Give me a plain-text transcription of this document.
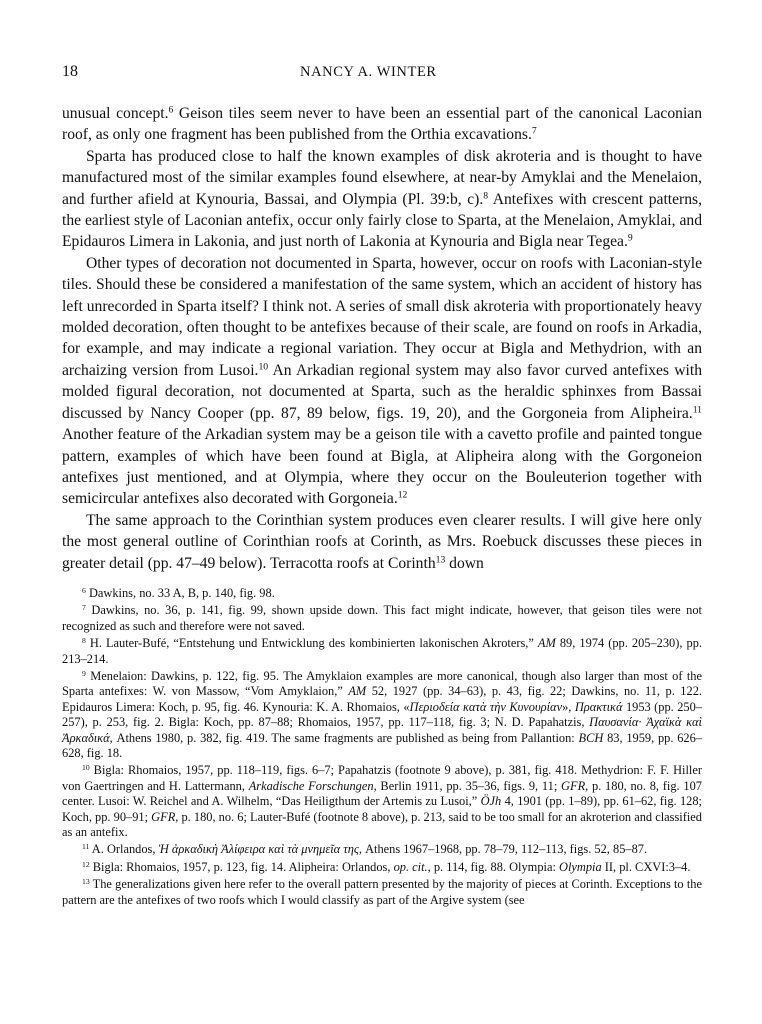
18	NANCY A. WINTER

unusual concept.$^6$ Geison tiles seem never to have been an essential part of the canonical Laconian roof, as only one fragment has been published from the Orthia excavations.$^7$

Sparta has produced close to half the known examples of disk akroteria and is thought to have manufactured most of the similar examples found elsewhere, at near-by Amyklai and the Menelaion, and further afield at Kynouria, Bassai, and Olympia (Pl. 39:b, c).$^8$ Antefixes with crescent patterns, the earliest style of Laconian antefix, occur only fairly close to Sparta, at the Menelaion, Amyklai, and Epidauros Limera in Lakonia, and just north of Lakonia at Kynouria and Bigla near Tegea.$^9$

Other types of decoration not documented in Sparta, however, occur on roofs with Laconian-style tiles. Should these be considered a manifestation of the same system, which an accident of history has left unrecorded in Sparta itself? I think not. A series of small disk akroteria with proportionately heavy molded decoration, often thought to be antefixes because of their scale, are found on roofs in Arkadia, for example, and may indicate a regional variation. They occur at Bigla and Methydrion, with an archaizing version from Lusoi.$^{10}$ An Arkadian regional system may also favor curved antefixes with molded figural decoration, not documented at Sparta, such as the heraldic sphinxes from Bassai discussed by Nancy Cooper (pp. 87, 89 below, figs. 19, 20), and the Gorgoneia from Alipheira.$^{11}$ Another feature of the Arkadian system may be a geison tile with a cavetto profile and painted tongue pattern, examples of which have been found at Bigla, at Alipheira along with the Gorgoneion antefixes just mentioned, and at Olympia, where they occur on the Bouleuterion together with semicircular antefixes also decorated with Gorgoneia.$^{12}$

The same approach to the Corinthian system produces even clearer results. I will give here only the most general outline of Corinthian roofs at Corinth, as Mrs. Roebuck discusses these pieces in greater detail (pp. 47–49 below). Terracotta roofs at Corinth$^{13}$ down

$^6$ Dawkins, no. 33 A, B, p. 140, fig. 98.

$^7$ Dawkins, no. 36, p. 141, fig. 99, shown upside down. This fact might indicate, however, that geison tiles were not recognized as such and therefore were not saved.

$^8$ H. Lauter-Bufé, “Entstehung und Entwicklung des kombinierten lakonischen Akroters,” AM 89, 1974 (pp. 205–230), pp. 213–214.

$^9$ Menelaion: Dawkins, p. 122, fig. 95. The Amyklaion examples are more canonical, though also larger than most of the Sparta antefixes: W. von Massow, “Vom Amyklaion,” AM 52, 1927 (pp. 34–63), p. 43, fig. 22; Dawkins, no. 11, p. 122. Epidauros Limera: Koch, p. 95, fig. 46. Kynouria: K. A. Rhomaios, «Περιοδεία κατὰ τὴν Κυνουρίαν», Πρακτικά 1953 (pp. 250–257), p. 253, fig. 2. Bigla: Koch, pp. 87–88; Rhomaios, 1957, pp. 117–118, fig. 3; N. D. Papahatzis, Παυσανία· Ἀχαϊκὰ καὶ Ἀρκαδικά, Athens 1980, p. 382, fig. 419. The same fragments are published as being from Pallantion: BCH 83, 1959, pp. 626–628, fig. 18.

$^{10}$ Bigla: Rhomaios, 1957, pp. 118–119, figs. 6–7; Papahatzis (footnote 9 above), p. 381, fig. 418. Methydrion: F. F. Hiller von Gaertringen and H. Lattermann, Arkadische Forschungen, Berlin 1911, pp. 35–36, figs. 9, 11; GFR, p. 180, no. 8, fig. 107 center. Lusoi: W. Reichel and A. Wilhelm, “Das Heiligthum der Artemis zu Lusoi,” ÖJh 4, 1901 (pp. 1–89), pp. 61–62, fig. 128; Koch, pp. 90–91; GFR, p. 180, no. 6; Lauter-Bufé (footnote 8 above), p. 213, said to be too small for an akroterion and classified as an antefix.

$^{11}$ A. Orlandos, Ἡ ἀρκαδικὴ Ἀλίφειρα καὶ τὰ μνημεῖα της, Athens 1967–1968, pp. 78–79, 112–113, figs. 52, 85–87.

$^{12}$ Bigla: Rhomaios, 1957, p. 123, fig. 14. Alipheira: Orlandos, op. cit., p. 114, fig. 88. Olympia: Olympia II, pl. CXVI:3–4.

$^{13}$ The generalizations given here refer to the overall pattern presented by the majority of pieces at Corinth. Exceptions to the pattern are the antefixes of two roofs which I would classify as part of the Argive system (see
